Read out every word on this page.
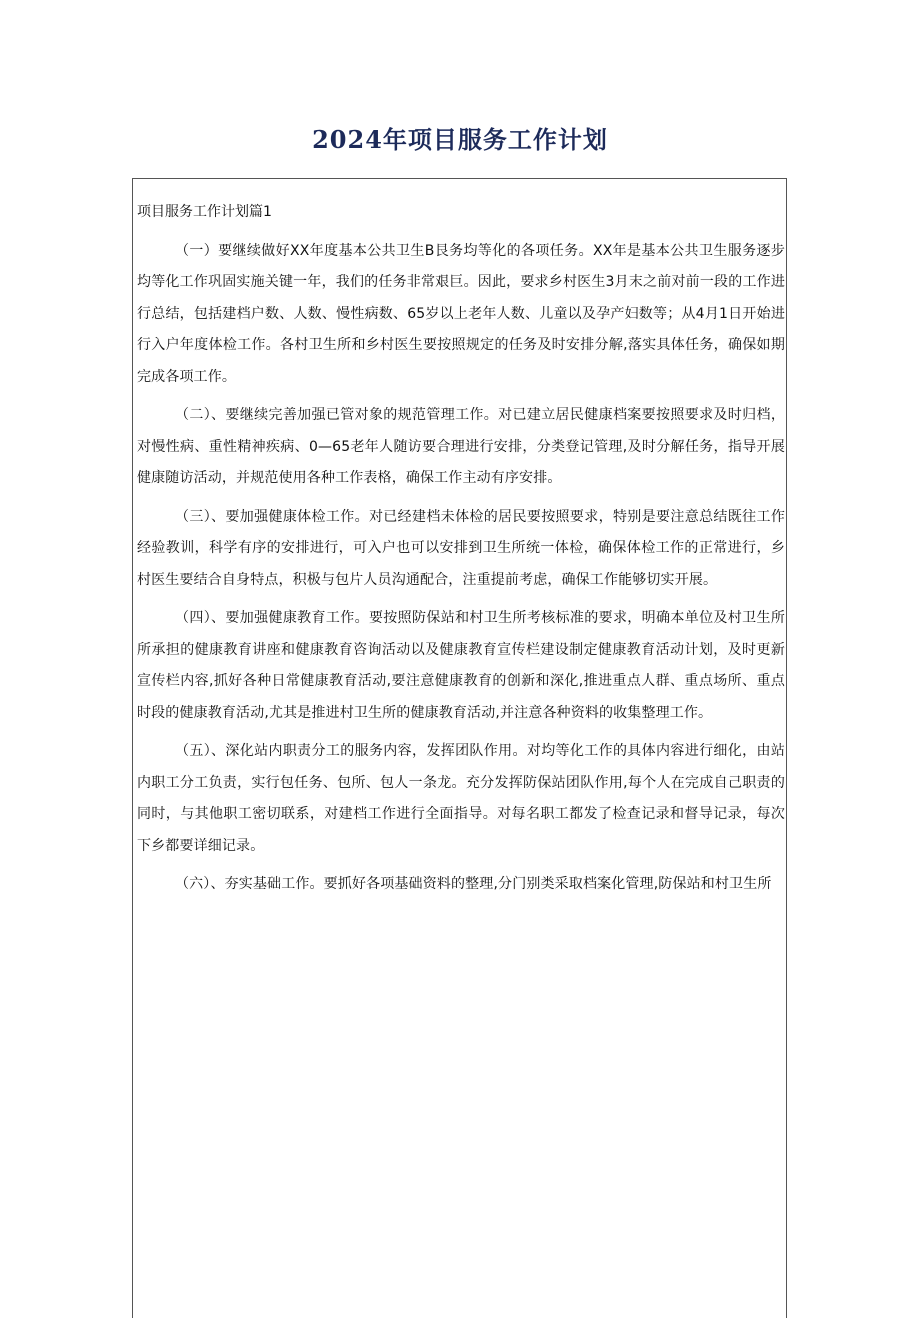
2024年项目服务工作计划

项目服务工作计划篇1

（一）要继续做好XX年度基本公共卫生B艮务均等化的各项任务。XX年是基本公共卫生服务逐步均等化工作巩固实施关键一年，我们的任务非常艰巨。因此，要求乡村医生3月末之前对前一段的工作进行总结，包括建档户数、人数、慢性病数、65岁以上老年人数、儿童以及孕产妇数等；从4月1日开始进行入户年度体检工作。各村卫生所和乡村医生要按照规定的任务及时安排分解,落实具体任务，确保如期完成各项工作。

（二）、要继续完善加强已管对象的规范管理工作。对已建立居民健康档案要按照要求及时归档，对慢性病、重性精神疾病、0—65老年人随访要合理进行安排，分类登记管理,及时分解任务，指导开展健康随访活动，并规范使用各种工作表格，确保工作主动有序安排。

（三）、要加强健康体检工作。对已经建档未体检的居民要按照要求，特别是要注意总结既往工作经验教训，科学有序的安排进行，可入户也可以安排到卫生所统一体检，确保体检工作的正常进行，乡村医生要结合自身特点，积极与包片人员沟通配合，注重提前考虑，确保工作能够切实开展。

（四）、要加强健康教育工作。要按照防保站和村卫生所考核标准的要求，明确本单位及村卫生所所承担的健康教育讲座和健康教育咨询活动以及健康教育宣传栏建设制定健康教育活动计划，及时更新宣传栏内容,抓好各种日常健康教育活动,要注意健康教育的创新和深化,推进重点人群、重点场所、重点时段的健康教育活动,尤其是推进村卫生所的健康教育活动,并注意各种资料的收集整理工作。

（五）、深化站内职责分工的服务内容，发挥团队作用。对均等化工作的具体内容进行细化，由站内职工分工负责，实行包任务、包所、包人一条龙。充分发挥防保站团队作用,每个人在完成自己职责的同时，与其他职工密切联系，对建档工作进行全面指导。对每名职工都发了检查记录和督导记录，每次下乡都要详细记录。

（六）、夯实基础工作。要抓好各项基础资料的整理,分门别类采取档案化管理,防保站和村卫生所
